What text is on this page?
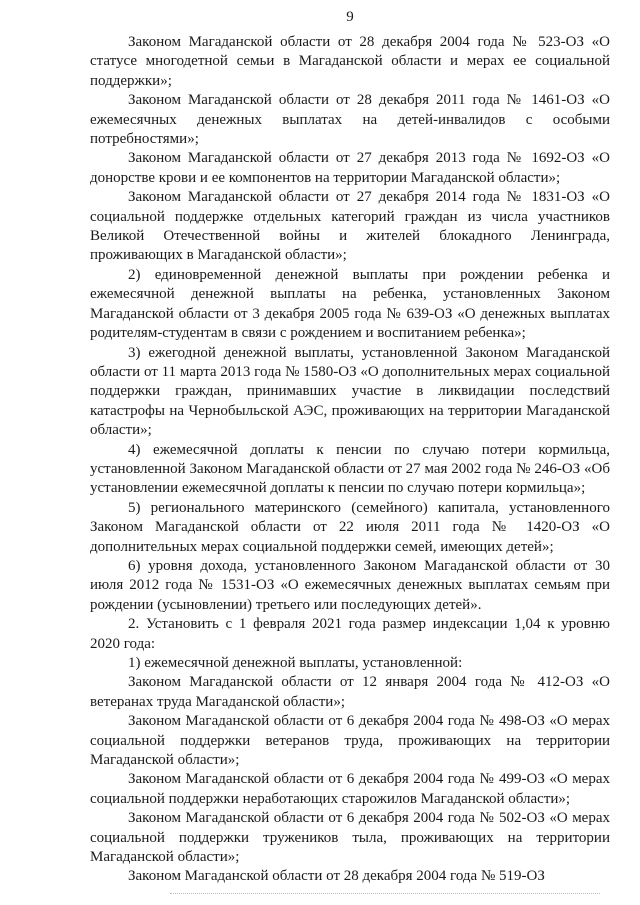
9

Законом Магаданской области от 28 декабря 2004 года № 523-ОЗ «О статусе многодетной семьи в Магаданской области и мерах ее социальной поддержки»;

Законом Магаданской области от 28 декабря 2011 года № 1461-ОЗ «О ежемесячных денежных выплатах на детей-инвалидов с особыми потребностями»;

Законом Магаданской области от 27 декабря 2013 года № 1692-ОЗ «О донорстве крови и ее компонентов на территории Магаданской области»;

Законом Магаданской области от 27 декабря 2014 года № 1831-ОЗ «О социальной поддержке отдельных категорий граждан из числа участников Великой Отечественной войны и жителей блокадного Ленинграда, проживающих в Магаданской области»;

2) единовременной денежной выплаты при рождении ребенка и ежемесячной денежной выплаты на ребенка, установленных Законом Магаданской области от 3 декабря 2005 года № 639-ОЗ «О денежных выплатах родителям-студентам в связи с рождением и воспитанием ребенка»;

3) ежегодной денежной выплаты, установленной Законом Магаданской области от 11 марта 2013 года № 1580-ОЗ «О дополнительных мерах социальной поддержки граждан, принимавших участие в ликвидации последствий катастрофы на Чернобыльской АЭС, проживающих на территории Магаданской области»;

4) ежемесячной доплаты к пенсии по случаю потери кормильца, установленной Законом Магаданской области от 27 мая 2002 года № 246-ОЗ «Об установлении ежемесячной доплаты к пенсии по случаю потери кормильца»;

5) регионального материнского (семейного) капитала, установленного Законом Магаданской области от 22 июля 2011 года № 1420-ОЗ «О дополнительных мерах социальной поддержки семей, имеющих детей»;

6) уровня дохода, установленного Законом Магаданской области от 30 июля 2012 года № 1531-ОЗ «О ежемесячных денежных выплатах семьям при рождении (усыновлении) третьего или последующих детей».

2. Установить с 1 февраля 2021 года размер индексации 1,04 к уровню 2020 года:

1) ежемесячной денежной выплаты, установленной:

Законом Магаданской области от 12 января 2004 года № 412-ОЗ «О ветеранах труда Магаданской области»;

Законом Магаданской области от 6 декабря 2004 года № 498-ОЗ «О мерах социальной поддержки ветеранов труда, проживающих на территории Магаданской области»;

Законом Магаданской области от 6 декабря 2004 года № 499-ОЗ «О мерах социальной поддержки неработающих старожилов Магаданской области»;

Законом Магаданской области от 6 декабря 2004 года № 502-ОЗ «О мерах социальной поддержки тружеников тыла, проживающих на территории Магаданской области»;

Законом Магаданской области от 28 декабря 2004 года № 519-ОЗ
